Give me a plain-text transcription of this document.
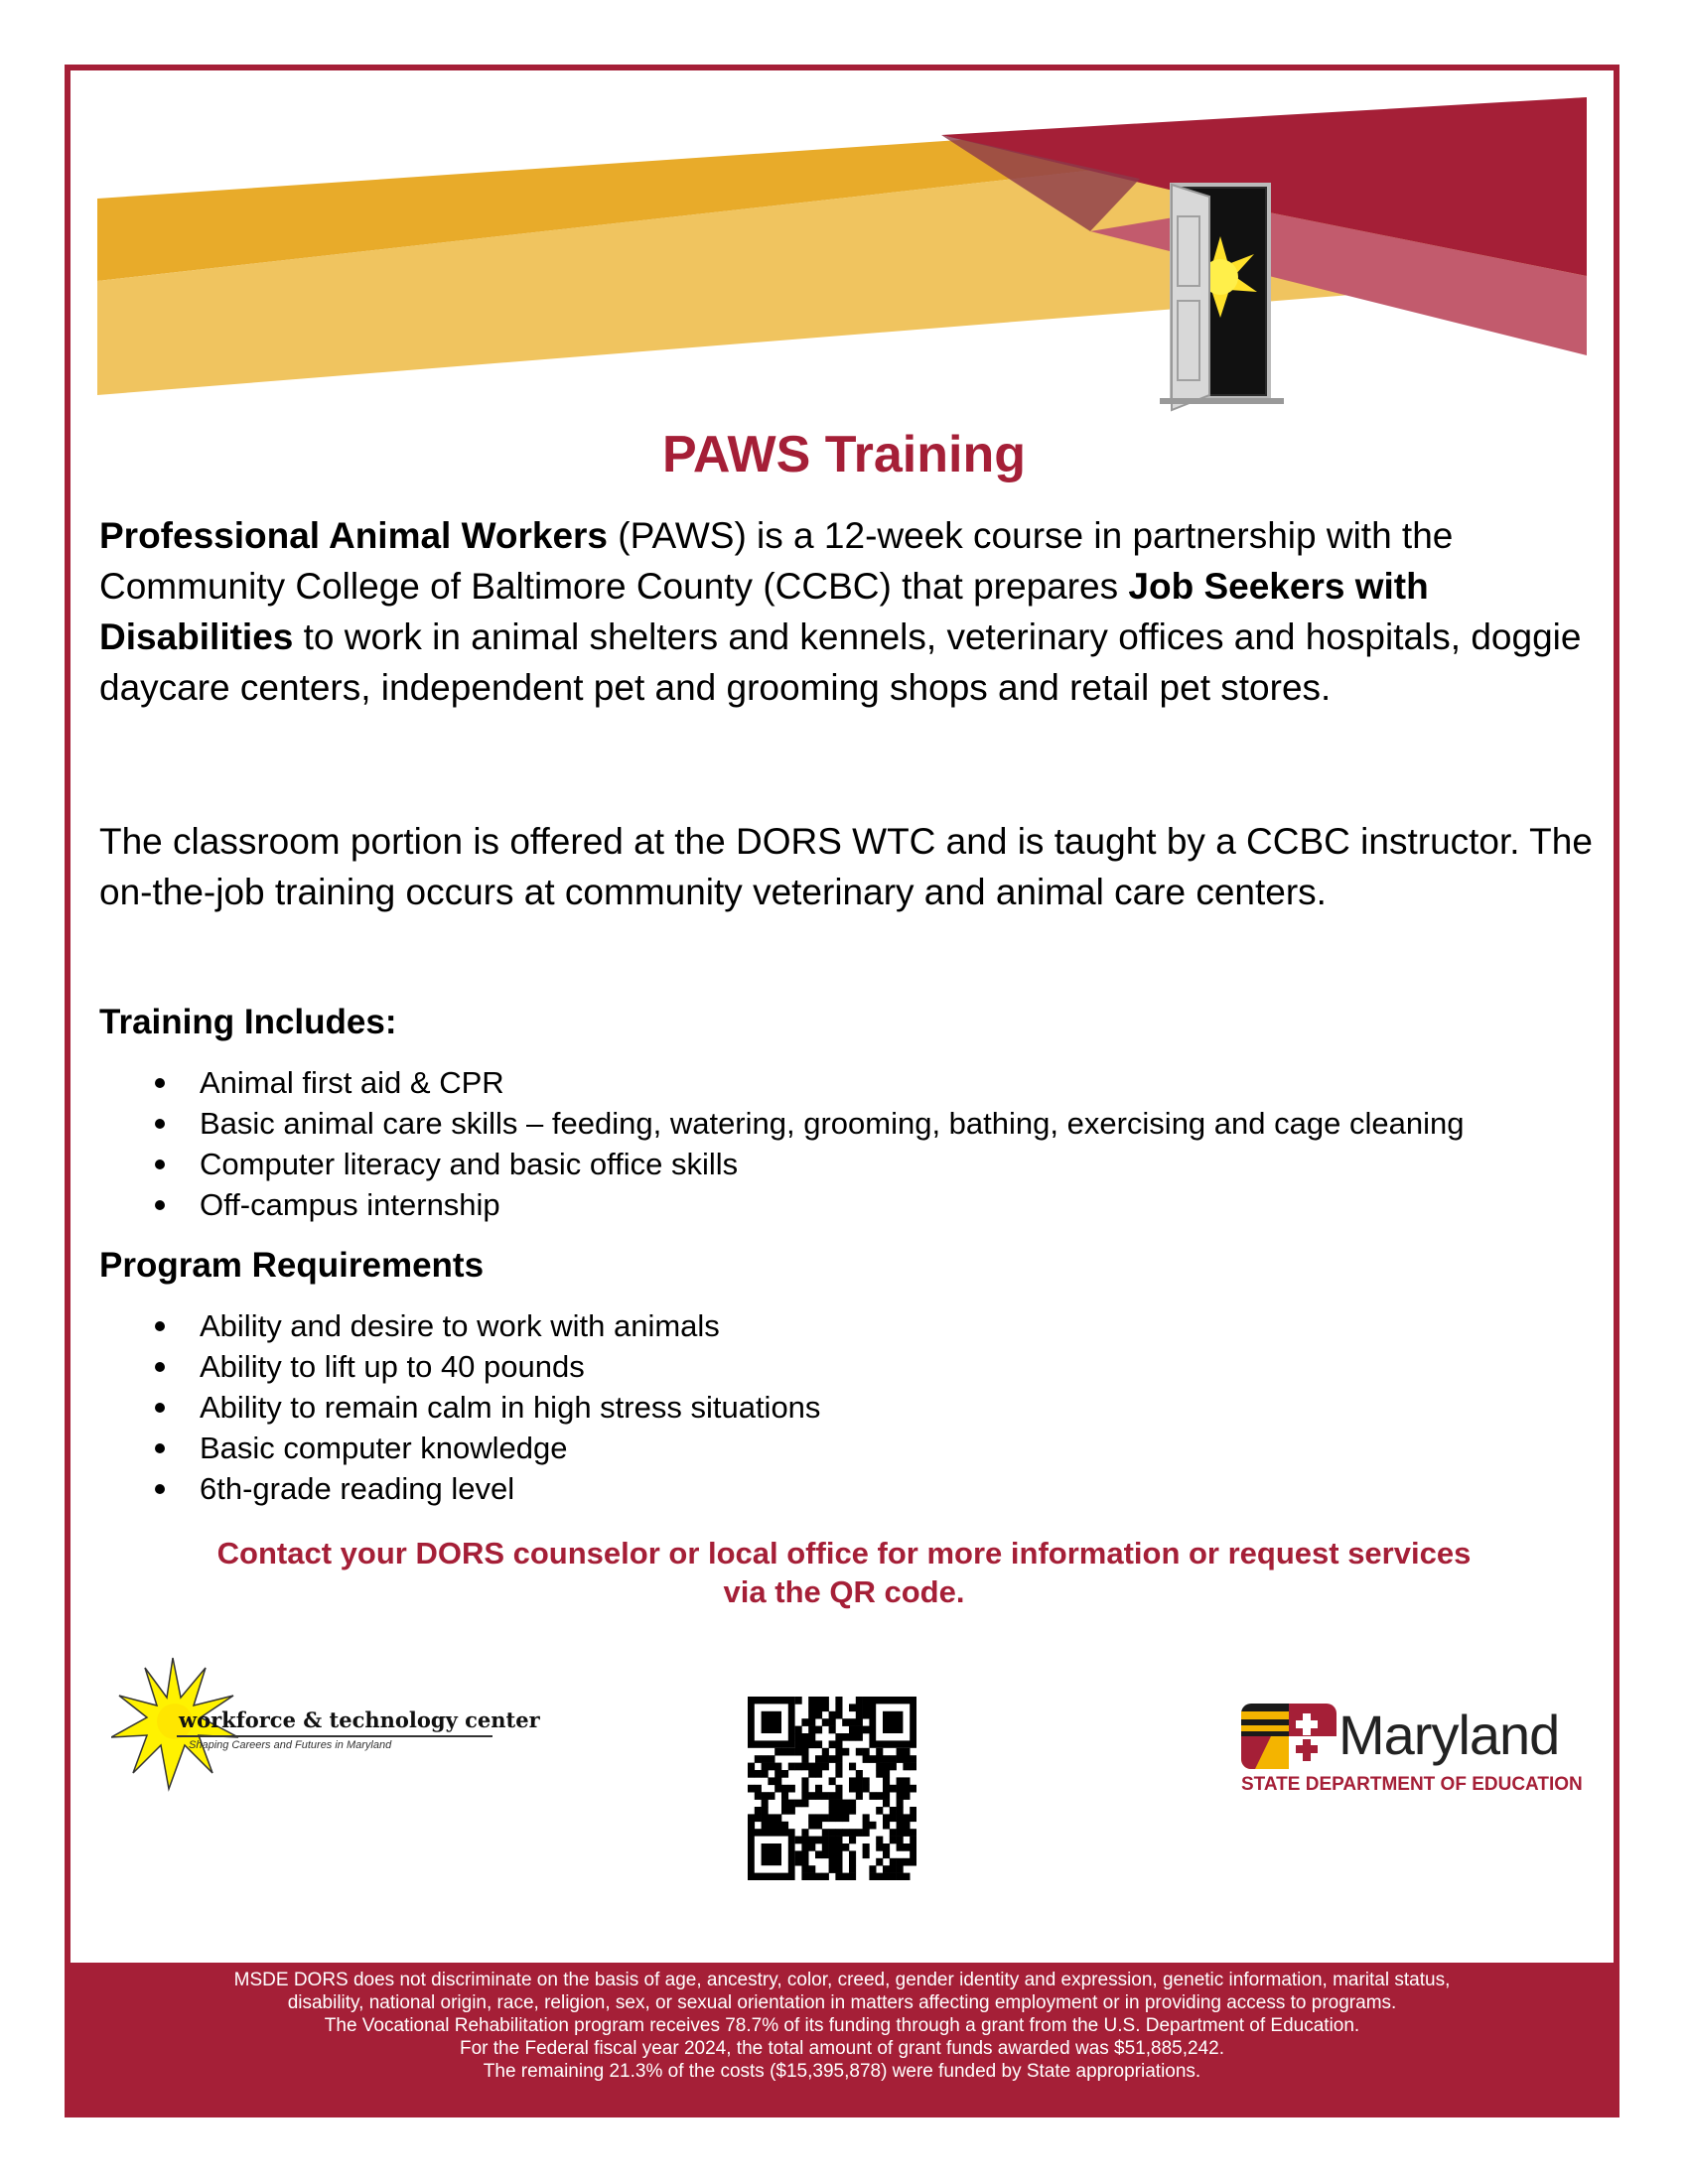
PAWS Training

Professional Animal Workers (PAWS) is a 12-week course in partnership with the Community College of Baltimore County (CCBC) that prepares Job Seekers with Disabilities to work in animal shelters and kennels, veterinary offices and hospitals, doggie daycare centers, independent pet and grooming shops and retail pet stores.

The classroom portion is offered at the DORS WTC and is taught by a CCBC instructor. The on-the-job training occurs at community veterinary and animal care centers.

Training Includes:
Animal first aid & CPR
Basic animal care skills – feeding, watering, grooming, bathing, exercising and cage cleaning
Computer literacy and basic office skills
Off-campus internship
Program Requirements
Ability and desire to work with animals
Ability to lift up to 40 pounds
Ability to remain calm in high stress situations
Basic computer knowledge
6th-grade reading level

Contact your DORS counselor or local office for more information or request services
via the QR code.

workforce & technology center
Shaping Careers and Futures in Maryland	Maryland
STATE DEPARTMENT OF EDUCATION

MSDE DORS does not discriminate on the basis of age, ancestry, color, creed, gender identity and expression, genetic information, marital status,

disability, national origin, race, religion, sex, or sexual orientation in matters affecting employment or in providing access to programs.

The Vocational Rehabilitation program receives 78.7% of its funding through a grant from the U.S. Department of Education.

For the Federal fiscal year 2024, the total amount of grant funds awarded was $51,885,242.

The remaining 21.3% of the costs ($15,395,878) were funded by State appropriations.
